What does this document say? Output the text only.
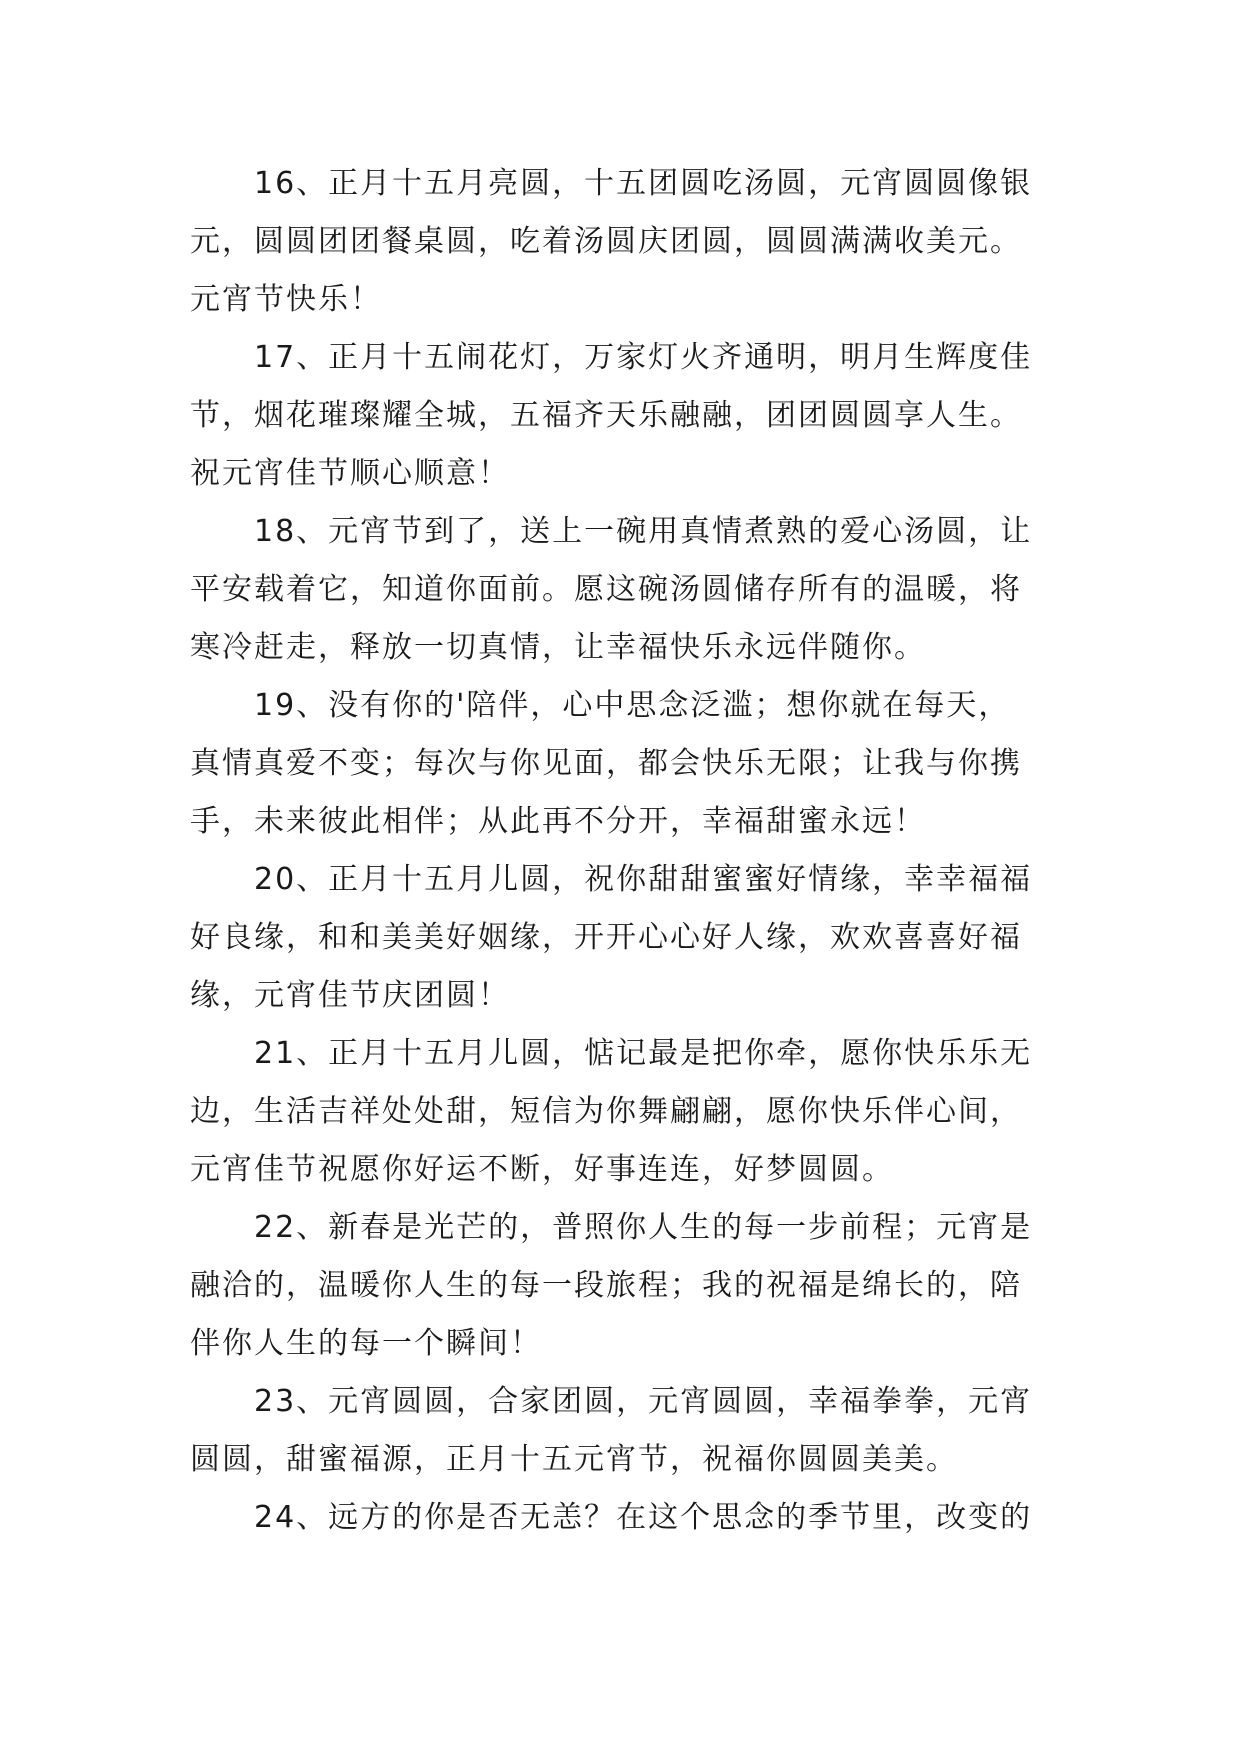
16、正月十五月亮圆，十五团圆吃汤圆，元宵圆圆像银
元，圆圆团团餐桌圆，吃着汤圆庆团圆，圆圆满满收美元。
元宵节快乐！
17、正月十五闹花灯，万家灯火齐通明，明月生辉度佳
节，烟花璀璨耀全城，五福齐天乐融融，团团圆圆享人生。
祝元宵佳节顺心顺意！
18、元宵节到了，送上一碗用真情煮熟的爱心汤圆，让
平安载着它，知道你面前。愿这碗汤圆储存所有的温暖，将
寒冷赶走，释放一切真情，让幸福快乐永远伴随你。
19、没有你的'陪伴，心中思念泛滥；想你就在每天，
真情真爱不变；每次与你见面，都会快乐无限；让我与你携
手，未来彼此相伴；从此再不分开，幸福甜蜜永远！
20、正月十五月儿圆，祝你甜甜蜜蜜好情缘，幸幸福福
好良缘，和和美美好姻缘，开开心心好人缘，欢欢喜喜好福
缘，元宵佳节庆团圆！
21、正月十五月儿圆，惦记最是把你牵，愿你快乐乐无
边，生活吉祥处处甜，短信为你舞翩翩，愿你快乐伴心间，
元宵佳节祝愿你好运不断，好事连连，好梦圆圆。
22、新春是光芒的，普照你人生的每一步前程；元宵是
融洽的，温暖你人生的每一段旅程；我的祝福是绵长的，陪
伴你人生的每一个瞬间！
23、元宵圆圆，合家团圆，元宵圆圆，幸福拳拳，元宵
圆圆，甜蜜福源，正月十五元宵节，祝福你圆圆美美。
24、远方的你是否无恙？在这个思念的季节里，改变的
